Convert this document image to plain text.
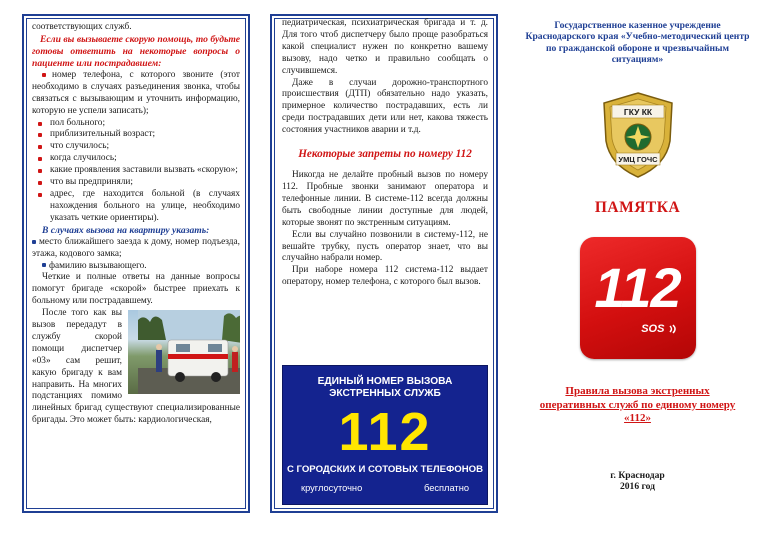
соответствующих служб.

Если вы вызываете скорую помощь, то будьте готовы ответить на некоторые вопросы о пациенте или пострадавшем:

номер телефона, с которого звоните (этот необходимо в случаях разъединения звонка, чтобы связаться с вызывающим и уточнить информацию, которую не успели записать);
пол больного;
приблизительный возраст;
что случилось;
когда случилось;
какие проявления заставили вызвать «скорую»;
что вы предприняли;
адрес, где находится больной (в случаях нахождения больного на улице, необходимо указать четкие ориентиры).

В случаях вызова на квартиру указать:

место ближайшего заезда к дому, номер подъезда, этажа, кодового замка;
фамилию вызывающего.

Четкие и полные ответы на данные вопросы помогут бригаде «скорой» быстрее приехать к больному или пострадавшему.

После того как вы вызов передадут в службу скорой помощи диспетчер «03» сам решит, какую бригаду к вам направить. На многих подстанциях помимо линейных бригад существуют специализированные бригады. Это может быть: кардиологическая,

педиатрическая, психиатрическая бригада и т. д. Для того чтоб диспетчеру было проще разобраться какой специалист нужен по конкретно вашему вызову, надо четко и правильно сообщать о случившемся.

Даже в случаи дорожно-транспортного происшествия (ДТП) обязательно надо указать, примерное количество пострадавших, есть ли среди пострадавших дети или нет, какова тяжесть состояния участников аварии и т.д.

Некоторые запреты по номеру 112

Никогда не делайте пробный вызов по номеру 112. Пробные звонки занимают оператора и телефонные линии. В системе-112 всегда должны быть свободные линии доступные для людей, которые звонят по экстренным ситуациям.

Если вы случайно позвонили в систему-112, не вешайте трубку, пусть оператор знает, что вы случайно набрали номер.

При наборе номера 112 система-112 выдает оператору, номер телефона, с которого был вызов.

ЕДИНЫЙ НОМЕР ВЫЗОВА ЭКСТРЕННЫХ СЛУЖБ
112
С ГОРОДСКИХ И СОТОВЫХ ТЕЛЕФОНОВ
круглосуточно	бесплатно
Государственное казенное учреждение Краснодарского края «Учебно-методический центр по гражданской обороне и чрезвычайным ситуациям»
ГКУ КК
УМЦ ГОЧС
ПАМЯТКА
112
SOS
Правила вызова экстренных оперативных служб по единому номеру «112»
г. Краснодар
2016 год
